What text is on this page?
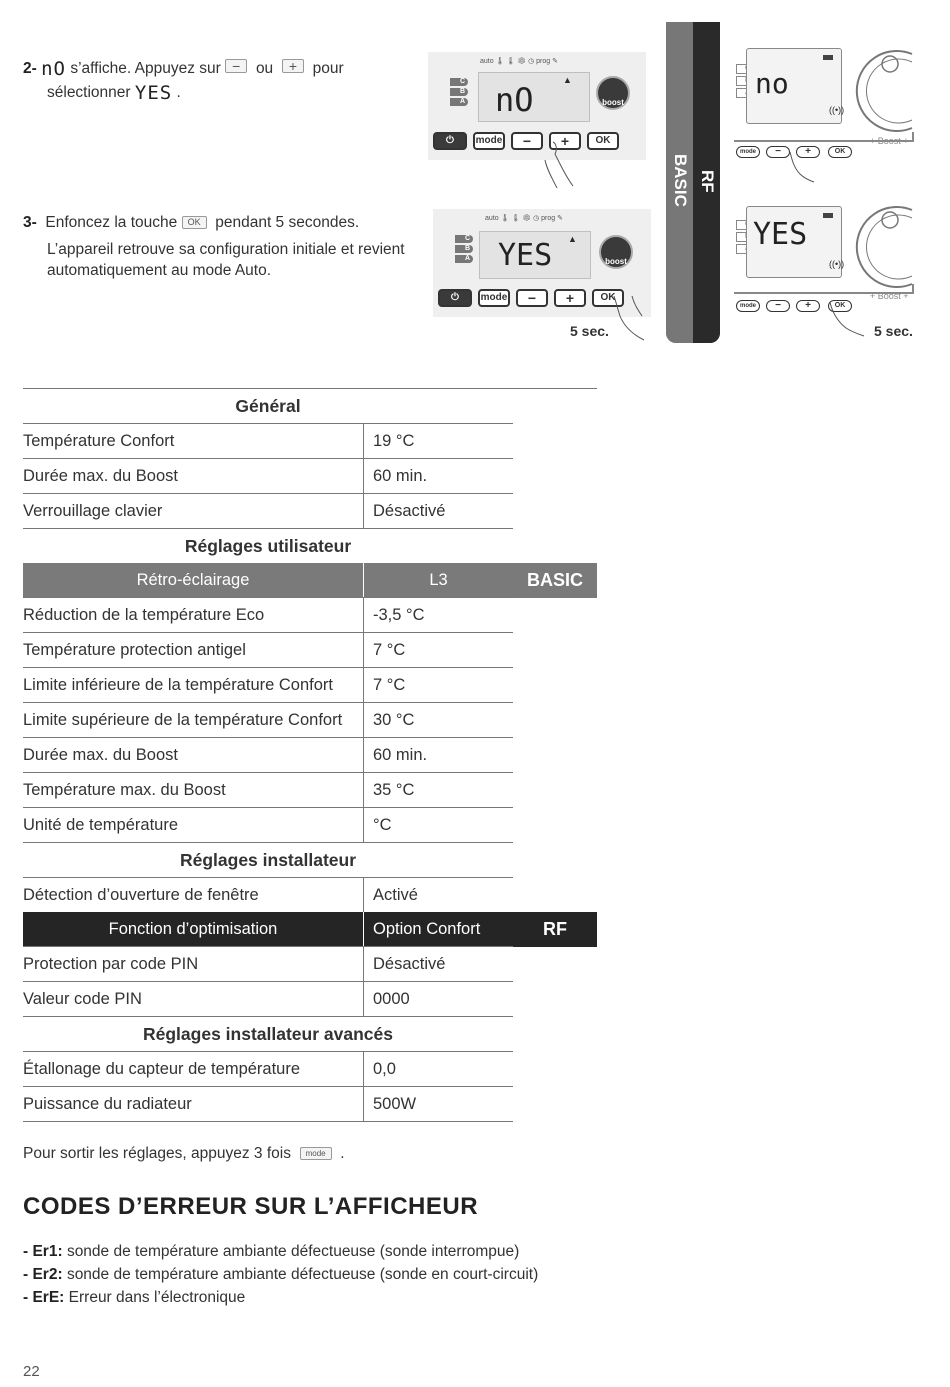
2- nO s’affiche. Appuyez sur − ou + pour
sélectionner YES .
3- Enfoncez la touche OK pendant 5 secondes.
L’appareil retrouve sa configuration initiale et revient
automatiquement au mode Auto.
auto 🌡 🌡 ❄ ◷ prog ✎
C
B
A nO
▲
boost
⏻	mode	−	+	OK
auto 🌡 🌡 ❄ ◷ prog ✎
C
B
A YES ▲
boost
⏻	mode	−	+	OK
5 sec.
BASIC RF
no
((•))
+ Boost +
mode	−	+	OK
YES
((•))
+ Boost +
mode	−	+	OK
5 sec.
Général		
Température Confort	19 °C	
Durée max. du Boost	60 min.	
Verrouillage clavier	Désactivé	
Réglages utilisateur		
Rétro-éclairage	L3	BASIC
Réduction de la température Eco	-3,5 °C	
Température protection antigel	7 °C	
Limite inférieure de la température Confort	7 °C	
Limite supérieure de la température Confort	30 °C	
Durée max. du Boost	60 min.	
Température max. du Boost	35 °C	
Unité de température	°C	
Réglages installateur		
Détection d’ouverture de fenêtre	Activé	
Fonction d’optimisation	Option Confort	RF
Protection par code PIN	Désactivé	
Valeur code PIN	0000	
Réglages installateur avancés		
Étallonage du capteur de température	0,0	
Puissance du radiateur	500W	
Pour sortir les réglages, appuyez 3 fois mode .
CODES D’ERREUR SUR L’AFFICHEUR
- Er1: sonde de température ambiante défectueuse (sonde interrompue)
- Er2: sonde de température ambiante défectueuse (sonde en court-circuit)
- ErE: Erreur dans l’électronique
22
